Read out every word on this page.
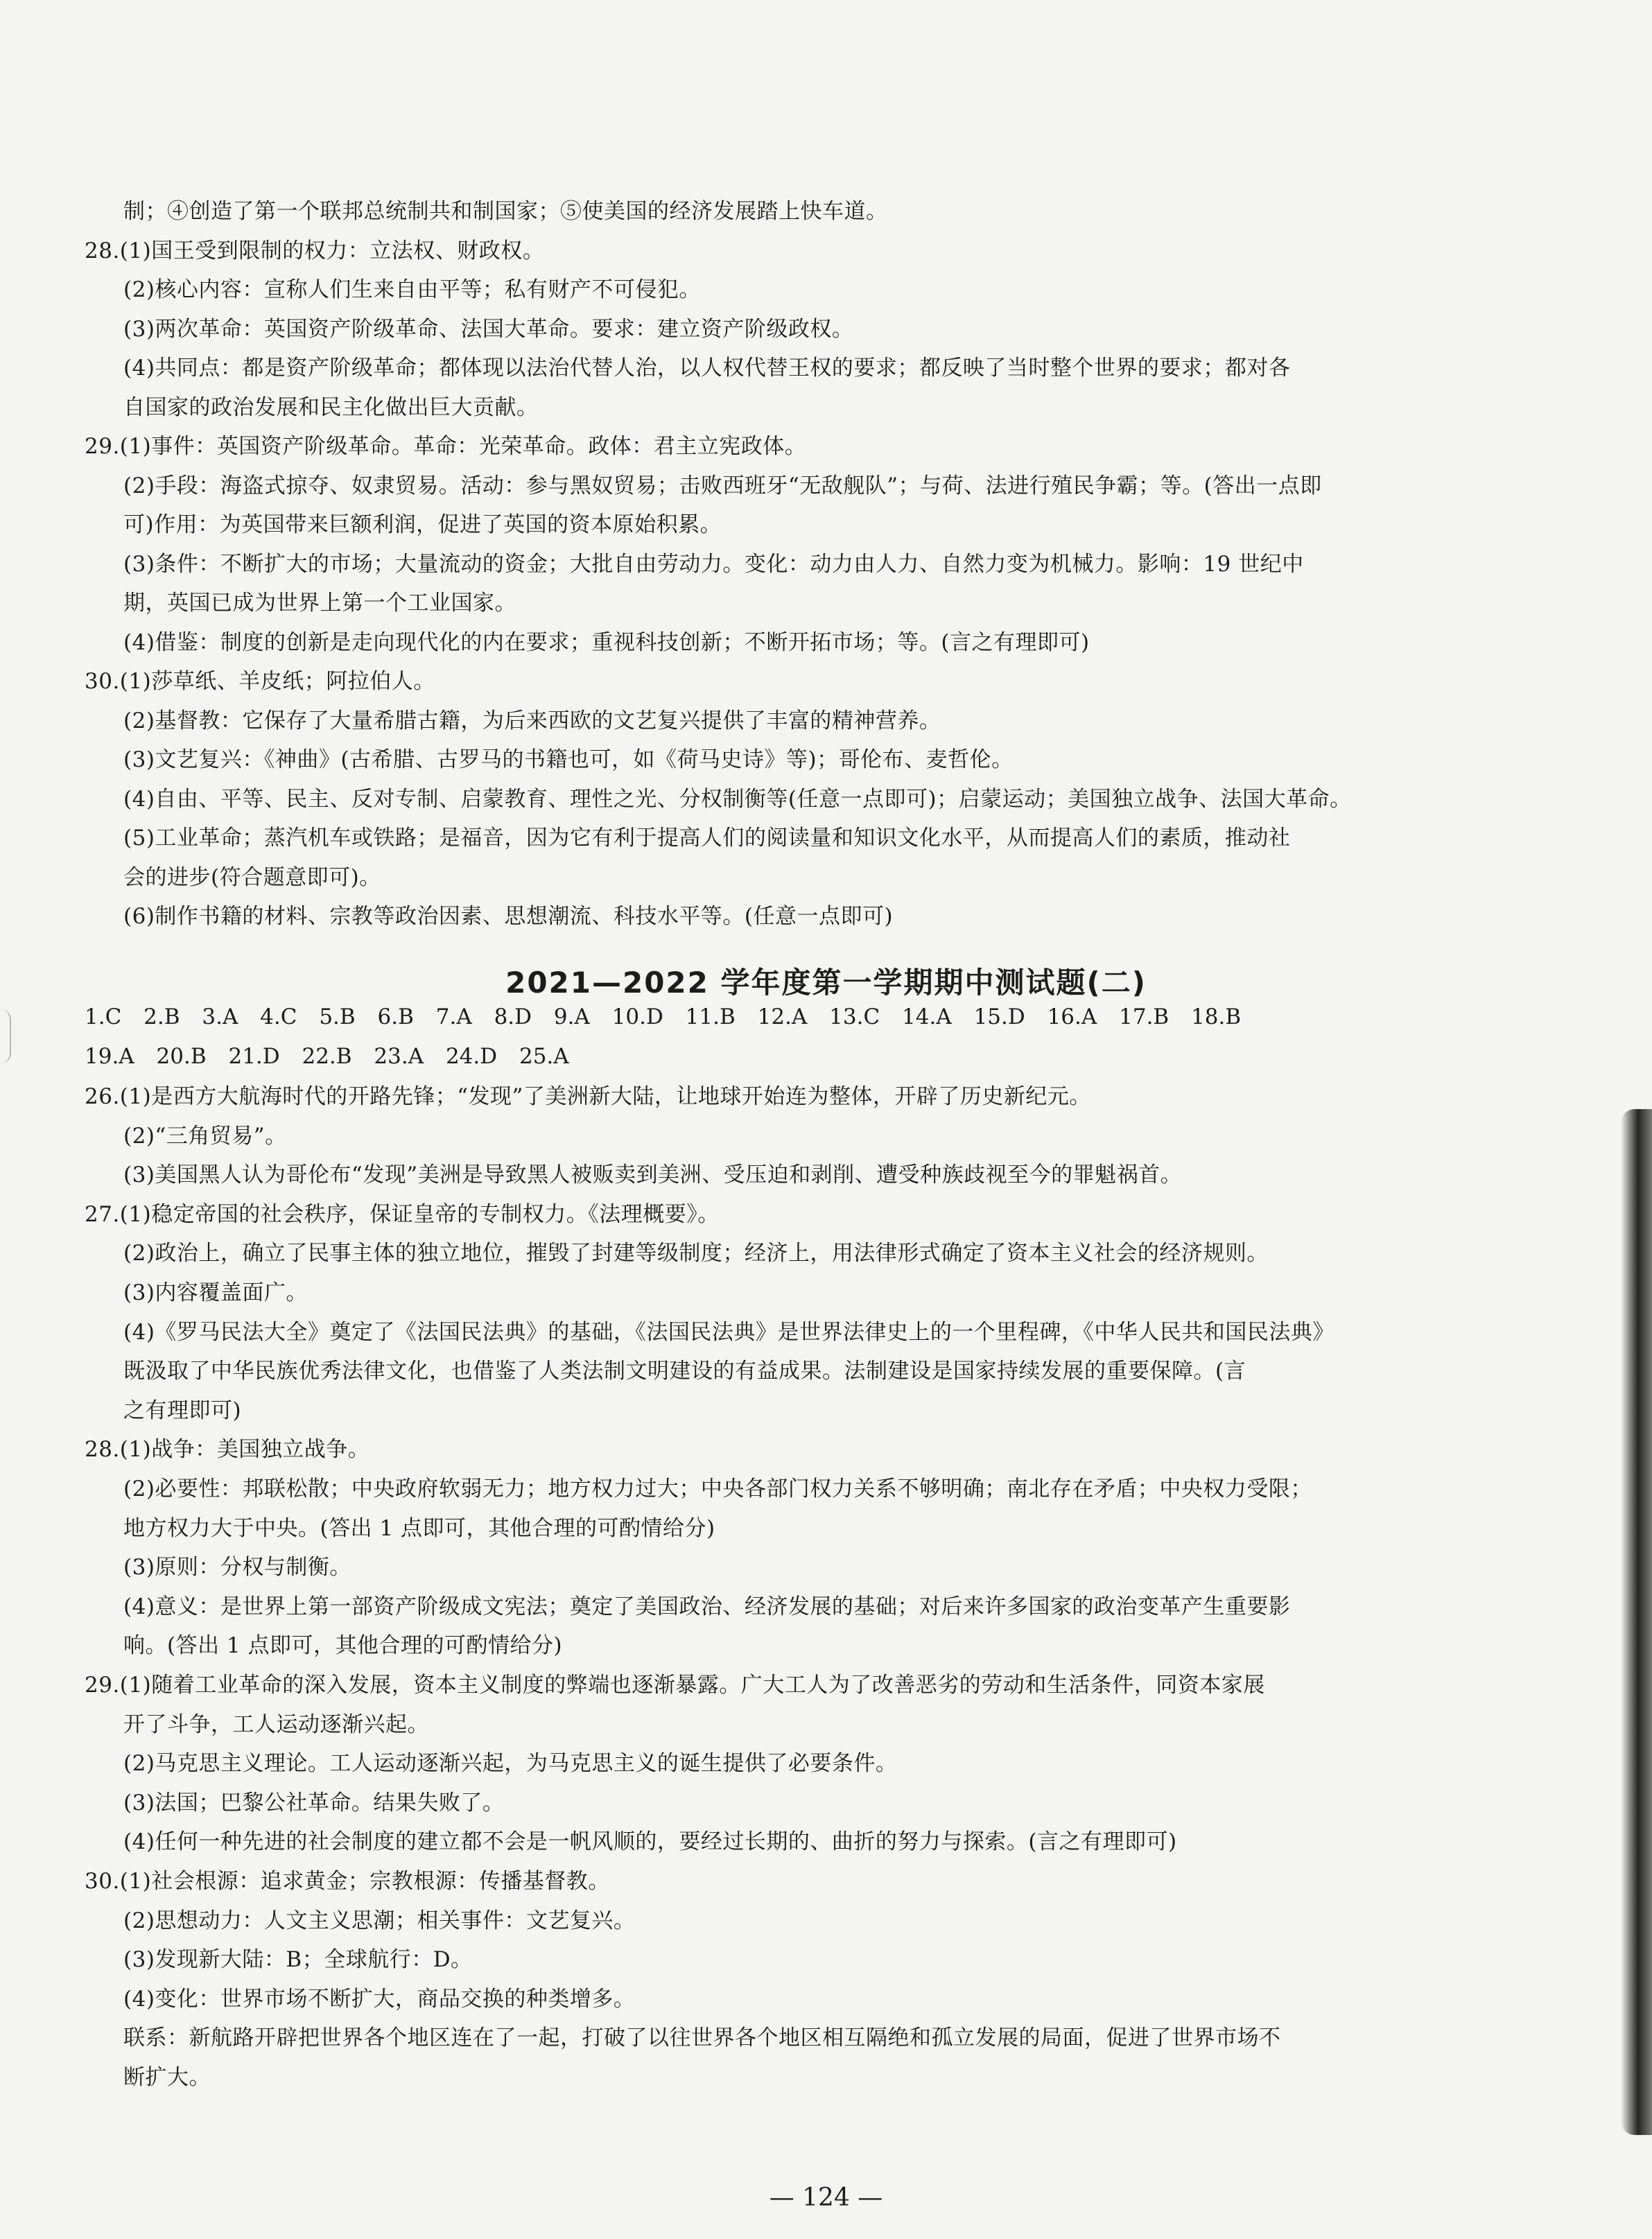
制；④创造了第一个联邦总统制共和制国家；⑤使美国的经济发展踏上快车道。
28.(1)国王受到限制的权力：立法权、财政权。
(2)核心内容：宣称人们生来自由平等；私有财产不可侵犯。
(3)两次革命：英国资产阶级革命、法国大革命。要求：建立资产阶级政权。
(4)共同点：都是资产阶级革命；都体现以法治代替人治，以人权代替王权的要求；都反映了当时整个世界的要求；都对各
自国家的政治发展和民主化做出巨大贡献。
29.(1)事件：英国资产阶级革命。革命：光荣革命。政体：君主立宪政体。
(2)手段：海盗式掠夺、奴隶贸易。活动：参与黑奴贸易；击败西班牙“无敌舰队”；与荷、法进行殖民争霸；等。(答出一点即
可)作用：为英国带来巨额利润，促进了英国的资本原始积累。
(3)条件：不断扩大的市场；大量流动的资金；大批自由劳动力。变化：动力由人力、自然力变为机械力。影响：19 世纪中
期，英国已成为世界上第一个工业国家。
(4)借鉴：制度的创新是走向现代化的内在要求；重视科技创新；不断开拓市场；等。(言之有理即可)
30.(1)莎草纸、羊皮纸；阿拉伯人。
(2)基督教：它保存了大量希腊古籍，为后来西欧的文艺复兴提供了丰富的精神营养。
(3)文艺复兴：《神曲》(古希腊、古罗马的书籍也可，如《荷马史诗》等)；哥伦布、麦哲伦。
(4)自由、平等、民主、反对专制、启蒙教育、理性之光、分权制衡等(任意一点即可)；启蒙运动；美国独立战争、法国大革命。
(5)工业革命；蒸汽机车或铁路；是福音，因为它有利于提高人们的阅读量和知识文化水平，从而提高人们的素质，推动社
会的进步(符合题意即可)。
(6)制作书籍的材料、宗教等政治因素、思想潮流、科技水平等。(任意一点即可)
2021—2022 学年度第一学期期中测试题(二)
1.C 2.B 3.A 4.C 5.B 6.B 7.A 8.D 9.A 10.D 11.B 12.A 13.C 14.A 15.D 16.A 17.B 18.B
19.A 20.B 21.D 22.B 23.A 24.D 25.A
26.(1)是西方大航海时代的开路先锋；“发现”了美洲新大陆，让地球开始连为整体，开辟了历史新纪元。
(2)“三角贸易”。
(3)美国黑人认为哥伦布“发现”美洲是导致黑人被贩卖到美洲、受压迫和剥削、遭受种族歧视至今的罪魁祸首。
27.(1)稳定帝国的社会秩序，保证皇帝的专制权力。《法理概要》。
(2)政治上，确立了民事主体的独立地位，摧毁了封建等级制度；经济上，用法律形式确定了资本主义社会的经济规则。
(3)内容覆盖面广。
(4)《罗马民法大全》奠定了《法国民法典》的基础，《法国民法典》是世界法律史上的一个里程碑，《中华人民共和国民法典》
既汲取了中华民族优秀法律文化，也借鉴了人类法制文明建设的有益成果。法制建设是国家持续发展的重要保障。(言
之有理即可)
28.(1)战争：美国独立战争。
(2)必要性：邦联松散；中央政府软弱无力；地方权力过大；中央各部门权力关系不够明确；南北存在矛盾；中央权力受限；
地方权力大于中央。(答出 1 点即可，其他合理的可酌情给分)
(3)原则：分权与制衡。
(4)意义：是世界上第一部资产阶级成文宪法；奠定了美国政治、经济发展的基础；对后来许多国家的政治变革产生重要影
响。(答出 1 点即可，其他合理的可酌情给分)
29.(1)随着工业革命的深入发展，资本主义制度的弊端也逐渐暴露。广大工人为了改善恶劣的劳动和生活条件，同资本家展
开了斗争，工人运动逐渐兴起。
(2)马克思主义理论。工人运动逐渐兴起，为马克思主义的诞生提供了必要条件。
(3)法国；巴黎公社革命。结果失败了。
(4)任何一种先进的社会制度的建立都不会是一帆风顺的，要经过长期的、曲折的努力与探索。(言之有理即可)
30.(1)社会根源：追求黄金；宗教根源：传播基督教。
(2)思想动力：人文主义思潮；相关事件：文艺复兴。
(3)发现新大陆：B；全球航行：D。
(4)变化：世界市场不断扩大，商品交换的种类增多。
联系：新航路开辟把世界各个地区连在了一起，打破了以往世界各个地区相互隔绝和孤立发展的局面，促进了世界市场不
断扩大。
— 124 —
